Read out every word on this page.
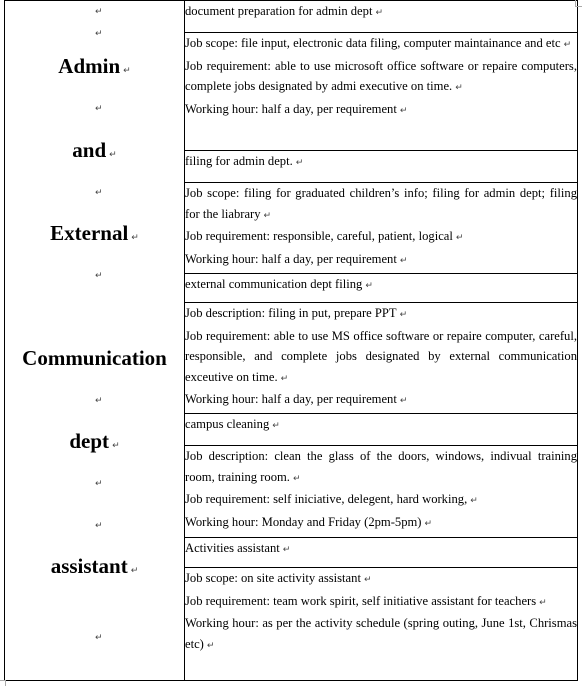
↵
↵
Admin ↵
↵
and ↵
↵
External ↵
↵
Communication
↵
dept ↵
↵
↵
assistant ↵
↵
	document preparation for admin dept ↵

Job scope: file input, electronic data filing, computer maintainance and etc ↵
Job requirement: able to use microsoft office software or repaire computers, complete jobs designated by admi executive on time. ↵
Working hour: half a day, per requirement ↵

filing for admin dept. ↵

Job scope: filing for graduated children’s info; filing for admin dept; filing for the liabrary ↵
Job requirement: responsible, careful, patient, logical ↵
Working hour: half a day, per requirement ↵

external communication dept filing ↵

Job description: filing in put, prepare PPT ↵
Job requirement: able to use MS office software or repaire computer, careful, responsible, and complete jobs designated by external communication exceutive on time. ↵
Working hour: half a day, per requirement ↵

campus cleaning ↵

Job description: clean the glass of the doors, windows, indivual training room, training room. ↵
Job requirement: self iniciative, delegent, hard working, ↵
Working hour: Monday and Friday (2pm-5pm) ↵

Activities assistant ↵

Job scope: on site activity assistant ↵
Job requirement: team work spirit, self initiative assistant for teachers ↵
Working hour: as per the activity schedule (spring outing, June 1st, Chrismas etc) ↵
